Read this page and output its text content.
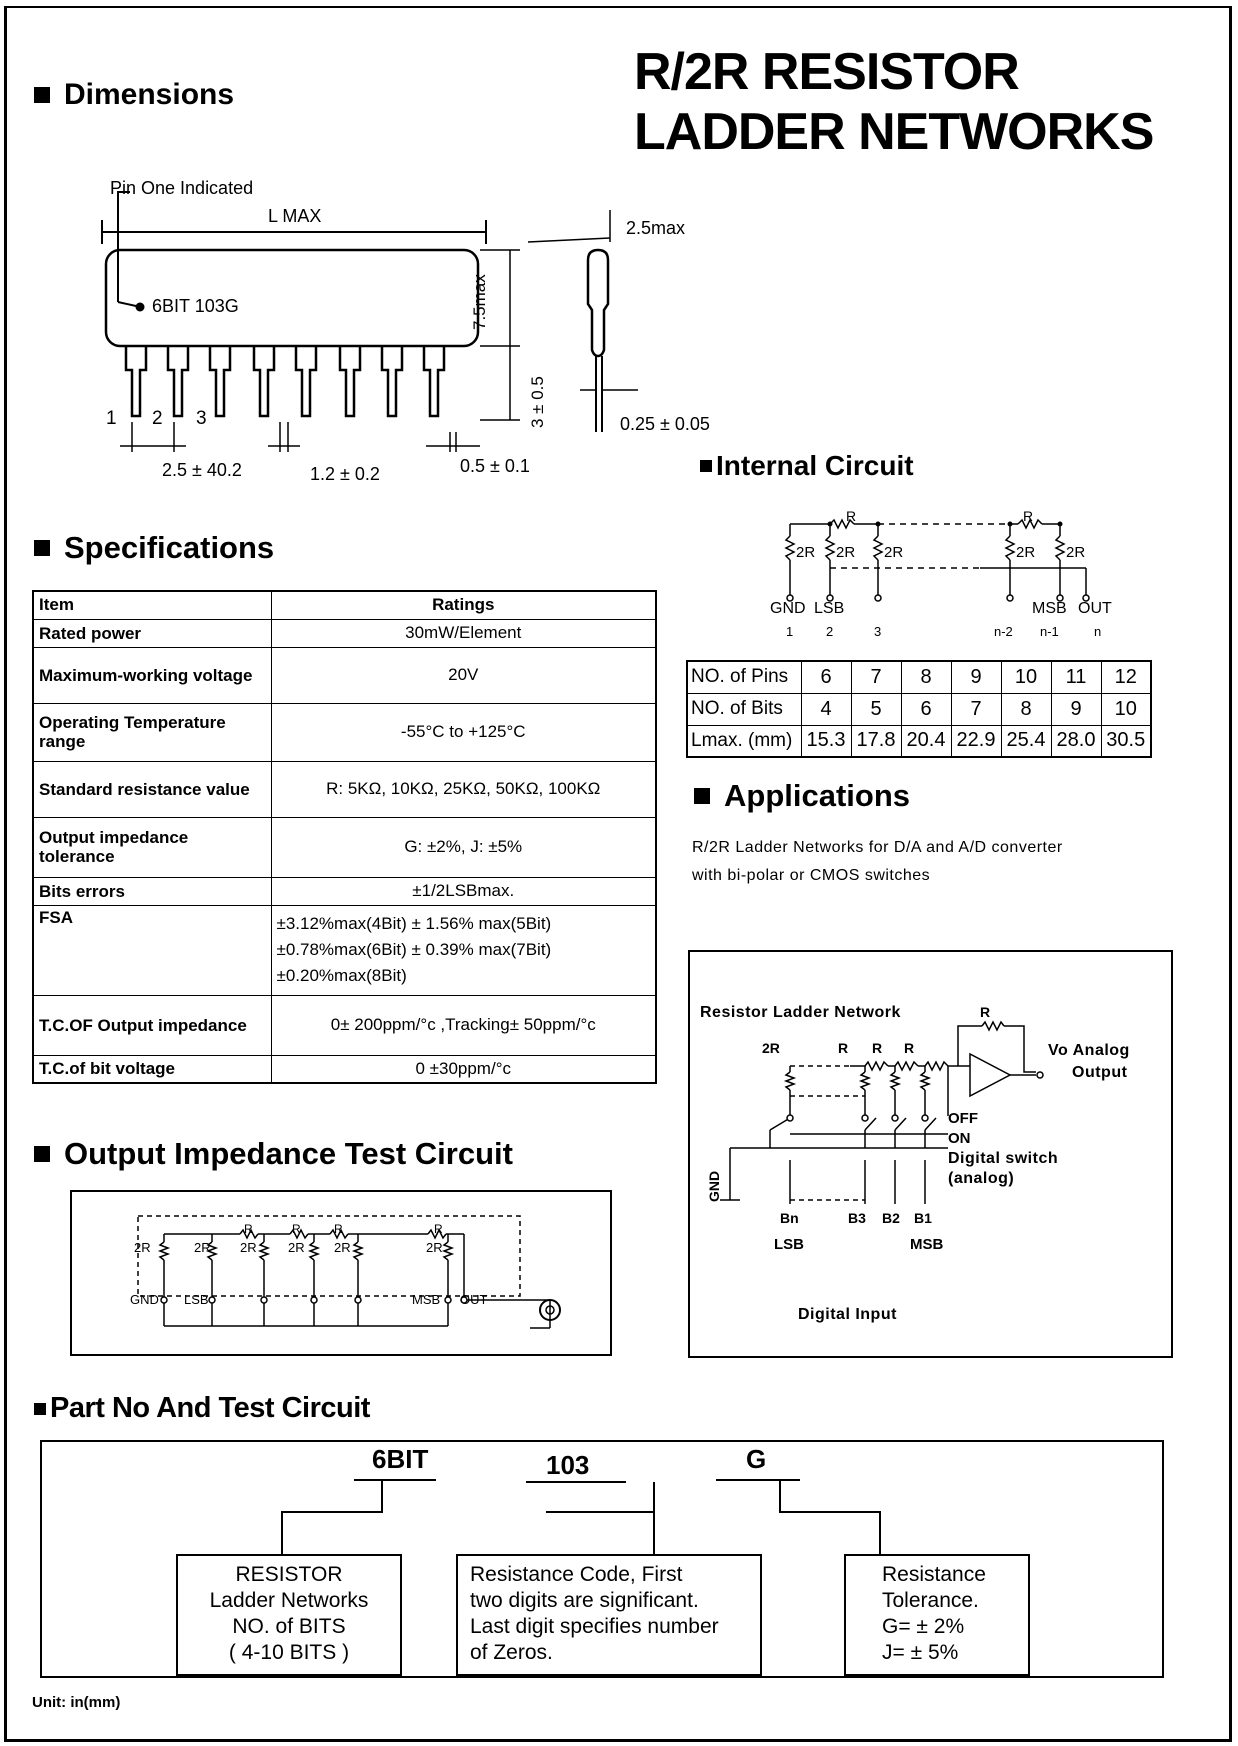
R/2R RESISTOR
LADDER NETWORKS
Dimensions
Pin One Indicated
L MAX
6BIT 103G	7.5max
3 ± 0.5
2.5max
0.25 ± 0.05
1 2 3
2.5 ± 40.2	1.2 ± 0.2	0.5 ± 0.1
Specifications
Item	Ratings
Rated power	30mW/Element
Maximum-working voltage	20V
Operating Temperature range	-55°C to +125°C
Standard resistance value	R: 5KΩ, 10KΩ, 25KΩ, 50KΩ, 100KΩ
Output impedance tolerance	G: ±2%, J: ±5%
Bits errors	±1/2LSBmax.
FSA	±3.12%max(4Bit) ± 1.56% max(5Bit)
±0.78%max(6Bit) ± 0.39% max(7Bit)
±0.20%max(8Bit)

T.C.OF Output impedance	0± 200ppm/°c ,Tracking± 50ppm/°c
T.C.of bit voltage	0 ±30ppm/°c
Internal Circuit
R	R
2R 2R 2R	2R 2R
GND LSB	MSB OUT
1	2	3	n-2 n-1	n
NO. of Pins	6	7	8	9	10	11	12
NO. of Bits	4	5	6	7	8	9	10
Lmax. (mm)	15.3	17.8	20.4	22.9	25.4	28.0	30.5
Applications
R/2R Ladder Networks for D/A and A/D converter
with bi-polar or CMOS switches
Resistor Ladder Network	R
2R	R R R	Vo Analog
Output
OFF
ON
Digital switch
(analog)
GND
Bn	B3 B2 B1
LSB	MSB
Digital Input
Output Impedance Test Circuit
2R	2R 2R 2R 2R	2R
R	R	R	R
GND LSB	MSB OUT
Part No And Test Circuit
6BIT	103	G
RESISTOR
Ladder Networks
NO. of BITS
( 4-10 BITS )
Resistance Code, First
two digits are significant.
Last digit specifies number
of Zeros.
Resistance
Tolerance.
G= ± 2%
J= ± 5%
Unit: in(mm)
